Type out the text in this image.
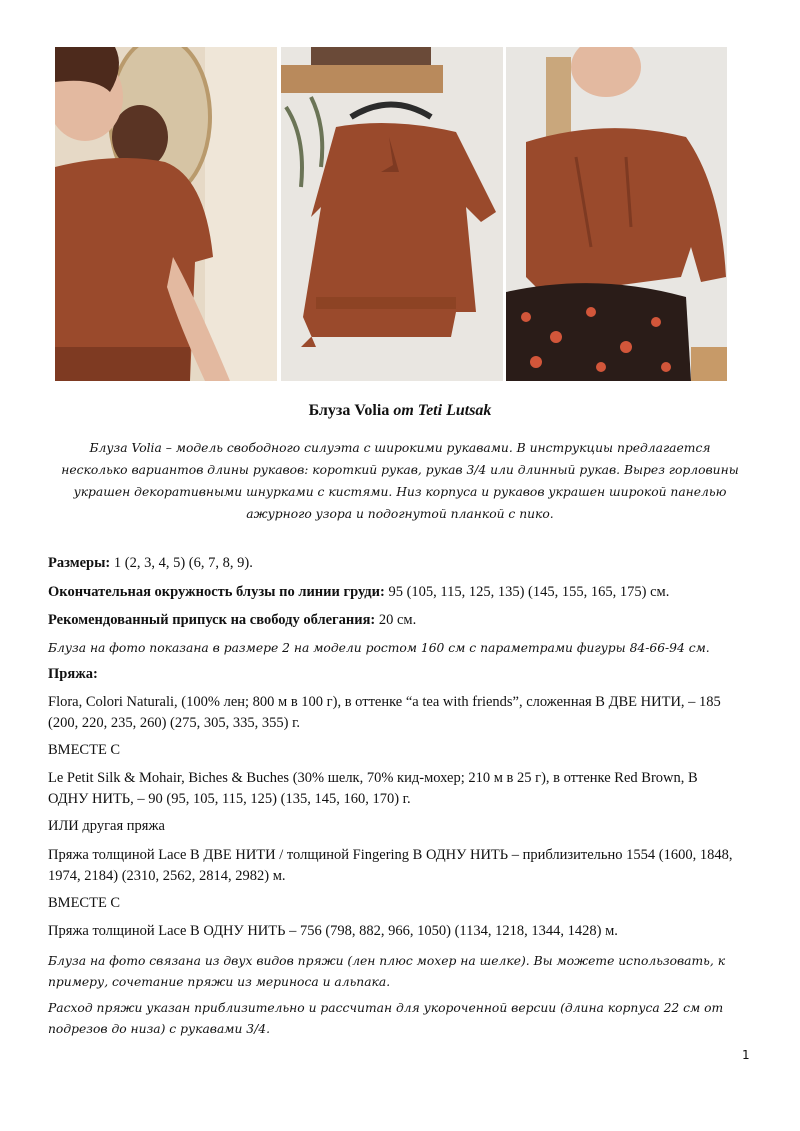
Блуза Volia от Teti Lutsak
Блуза Volia – модель свободного силуэта с широкими рукавами. В инструкцuы предлагается несколько вариантов длины рукавов: короткий рукав, рукав 3/4 или длинный рукав. Вырез горловины украшен декоративными шнурками с кистями. Низ корпуса и рукавов украшен широкой панелью ажурного узора и подогнутой планкой с пико.
Размеры: 1 (2, 3, 4, 5) (6, 7, 8, 9).
Окончательная окружность блузы по линии груди: 95 (105, 115, 125, 135) (145, 155, 165, 175) см.
Рекомендованный припуск на свободу облегания: 20 см.
Блуза на фото показана в размере 2 на модели ростом 160 см с параметрами фигуры 84-66-94 см.
Пряжа:
Flora, Colori Naturali, (100% лен; 800 м в 100 г), в оттенке “a tea with friends”, сложенная В ДВЕ НИТИ, – 185 (200, 220, 235, 260) (275, 305, 335, 355) г.
ВМЕСТЕ С
Le Petit Silk & Mohair, Biches & Buches (30% шелк, 70% кид-мохер; 210 м в 25 г), в оттенке Red Brown, В ОДНУ НИТЬ, – 90 (95, 105, 115, 125) (135, 145, 160, 170) г.
ИЛИ другая пряжа
Пряжа толщиной Lace В ДВЕ НИТИ / толщиной Fingering В ОДНУ НИТЬ – приблизительно 1554 (1600, 1848, 1974, 2184) (2310, 2562, 2814, 2982) м.
ВМЕСТЕ С
Пряжа толщиной Lace В ОДНУ НИТЬ – 756 (798, 882, 966, 1050) (1134, 1218, 1344, 1428) м.
Блуза на фото связана из двух видов пряжи (лен плюс мохер на шелке). Вы можете использовать, к примеру, сочетание пряжи из мериноса и альпака.
Расход пряжи указан приблизительно и рассчитан для укороченной версии (длина корпуса 22 см от подрезов до низа) с рукавами 3/4.
1
